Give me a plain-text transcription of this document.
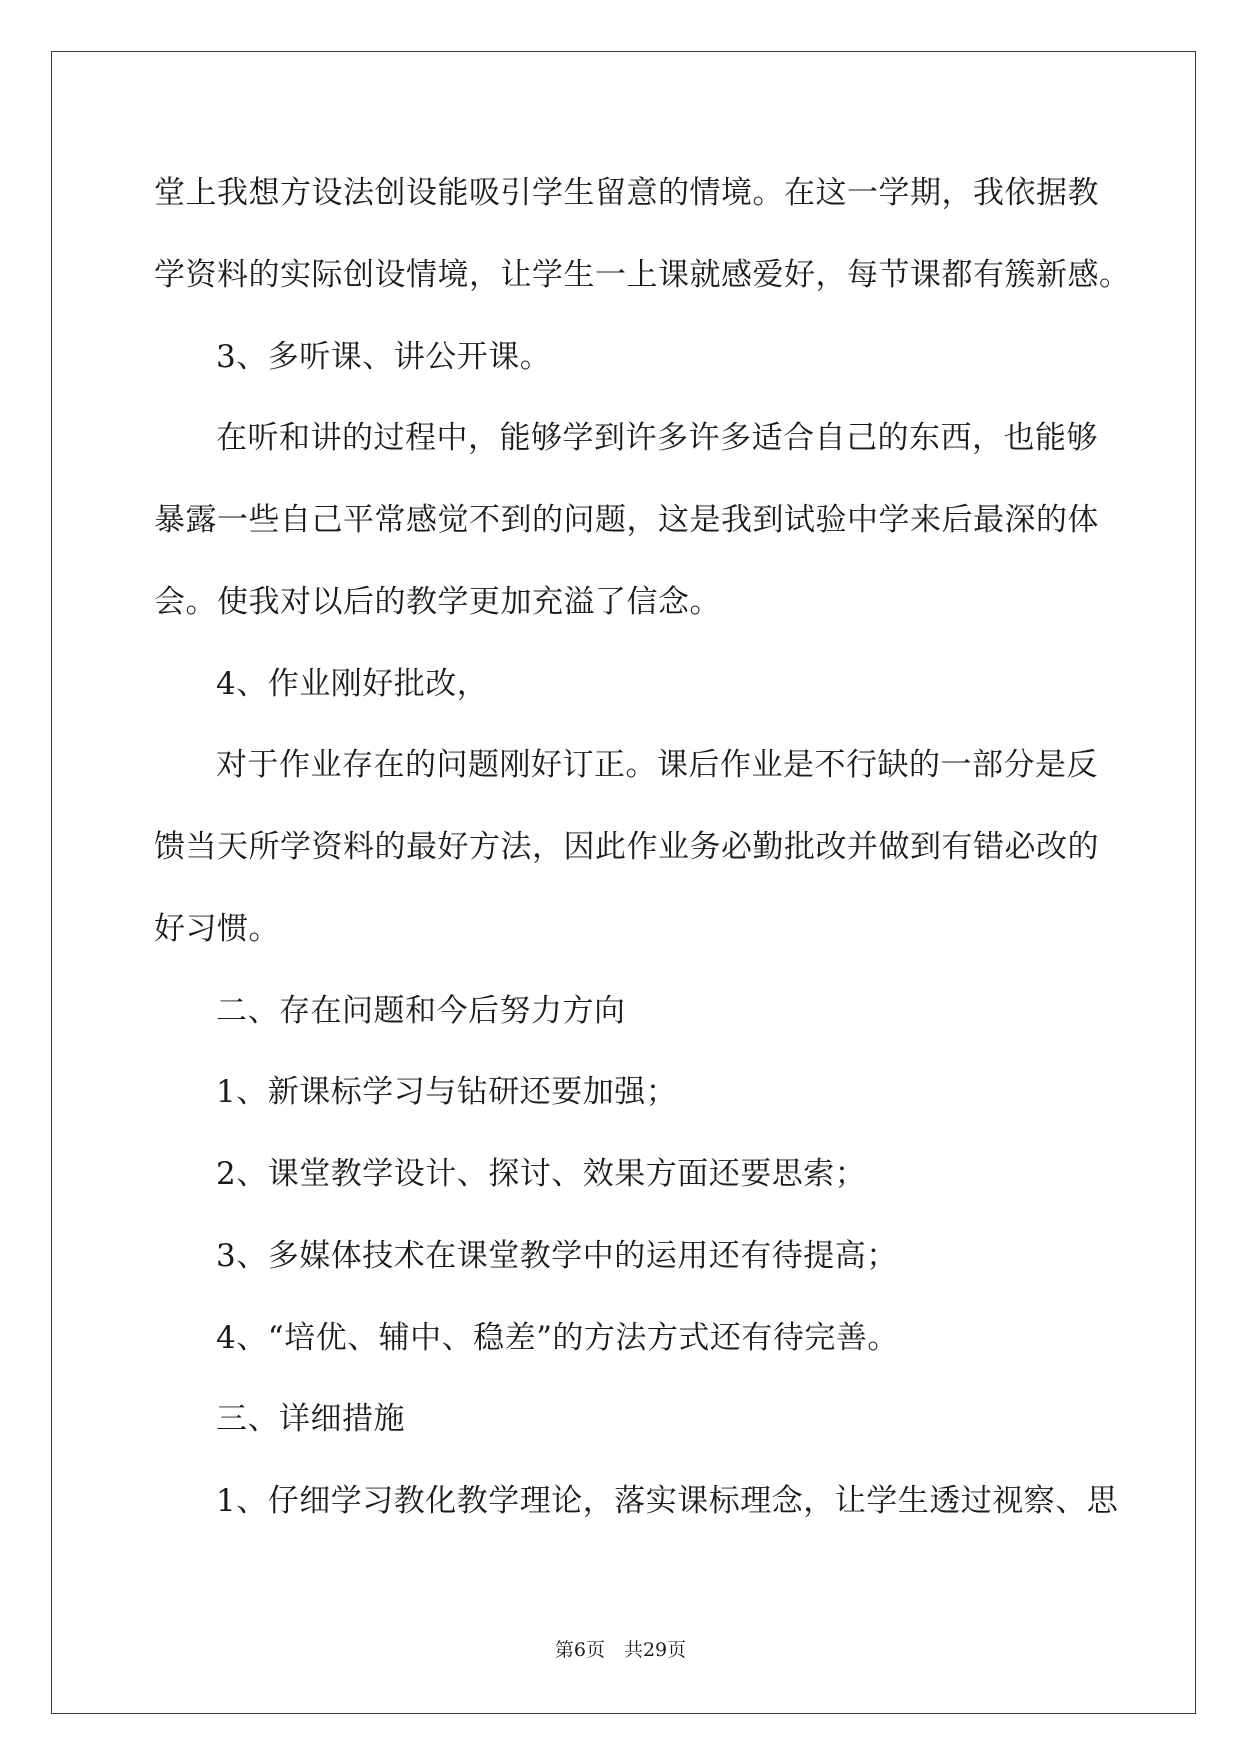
堂上我想方设法创设能吸引学生留意的情境。在这一学期，我依据教
学资料的实际创设情境，让学生一上课就感爱好，每节课都有簇新感。
3、多听课、讲公开课。
在听和讲的过程中，能够学到许多许多适合自己的东西，也能够
暴露一些自己平常感觉不到的问题，这是我到试验中学来后最深的体
会。使我对以后的教学更加充溢了信念。
4、作业刚好批改，
对于作业存在的问题刚好订正。课后作业是不行缺的一部分是反
馈当天所学资料的最好方法，因此作业务必勤批改并做到有错必改的
好习惯。
二、存在问题和今后努力方向
1、新课标学习与钻研还要加强；
2、课堂教学设计、探讨、效果方面还要思索；
3、多媒体技术在课堂教学中的运用还有待提高；
4、“培优、辅中、稳差”的方法方式还有待完善。
三、详细措施
1、仔细学习教化教学理论，落实课标理念，让学生透过视察、思
第6页　共29页
